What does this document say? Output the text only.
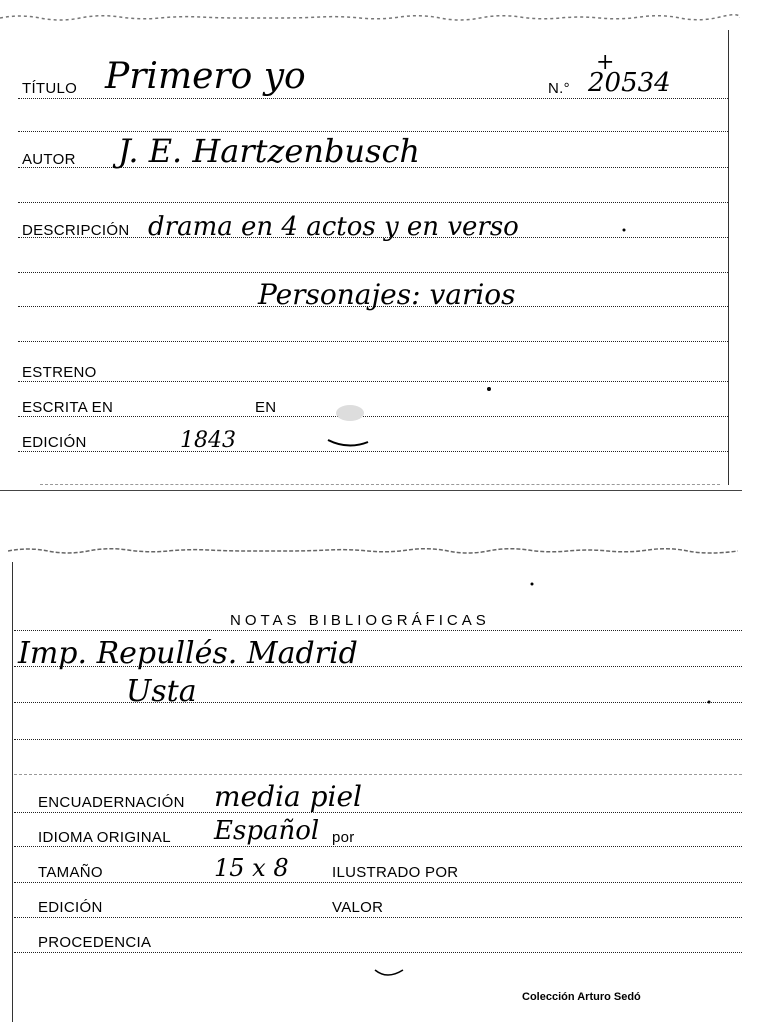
TÍTULO Primero yo	N.° 20534
+
AUTOR J. E. Hartzenbusch
DESCRIPCIÓN drama en 4 actos y en verso
Personajes: varios
ESTRENO
ESCRITA EN	EN
EDICIÓN	1843
NOTAS BIBLIOGRÁFICAS
Imp. Repullés. Madrid
Usta
ENCUADERNACIÓN media piel
IDIOMA ORIGINAL Español por
TAMAÑO	15 x 8	ILUSTRADO POR
EDICIÓN	VALOR
PROCEDENCIA
Colección Arturo Sedó
